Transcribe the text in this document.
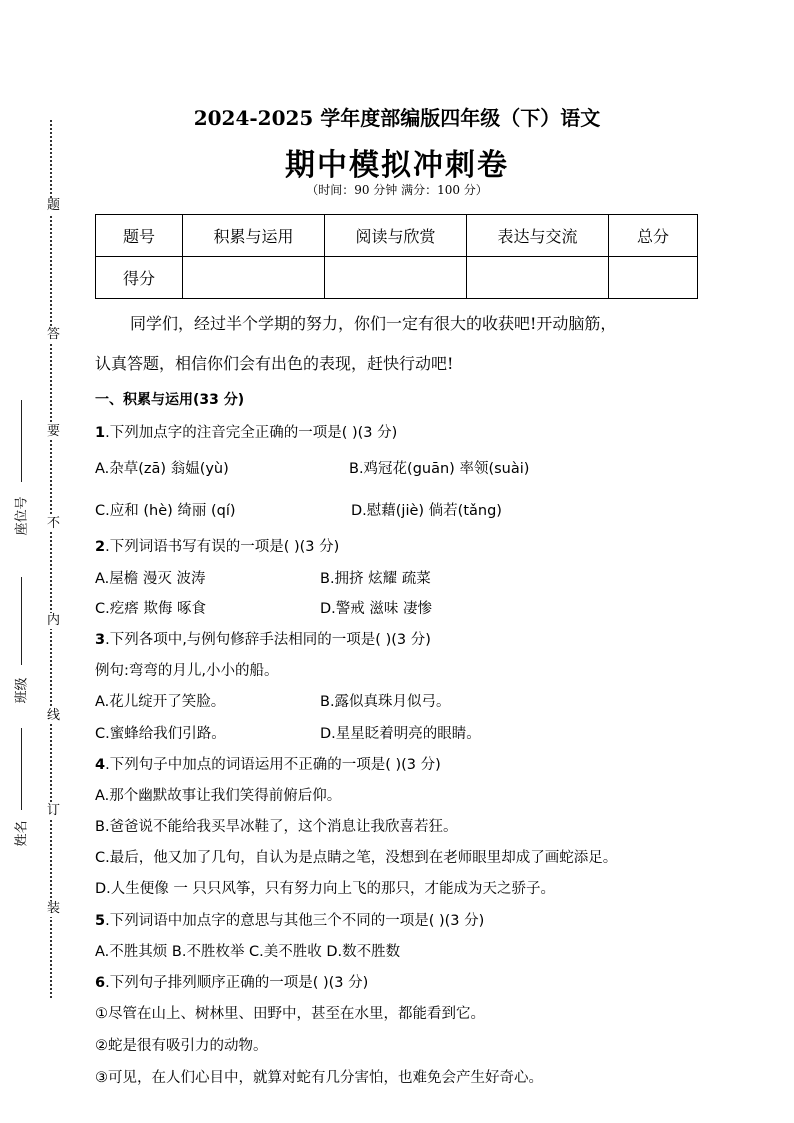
题
答
要
不
内
线
订
装
座位号
班级
姓名
2024-2025 学年度部编版四年级（下）语文
期中模拟冲刺卷
（时间：90 分钟 满分：100 分）
题号	积累与运用	阅读与欣赏	表达与交流	总分
得分				
同学们，经过半个学期的努力，你们一定有很大的收获吧!开动脑筋，
认真答题，相信你们会有出色的表现，赶快行动吧!
一、积累与运用(33 分)
1.下列加点字的注音完全正确的一项是( )(3 分)
A.杂草(zā) 翁媪(yù)	B.鸡冠花(guān) 率领(suài)
C.应和 (hè) 绮丽 (qí)	D.慰藉(jiè) 倘若(tǎng)
2.下列词语书写有误的一项是( )(3 分)
A.屋檐 漫灭 波涛	B.拥挤 炫耀 疏菜
C.疙瘩 欺侮 啄食	D.警戒 滋味 凄惨
3.下列各项中,与例句修辞手法相同的一项是( )(3 分)
例句:弯弯的月儿,小小的船。
A.花儿绽开了笑脸。	B.露似真珠月似弓。
C.蜜蜂给我们引路。	D.星星眨着明亮的眼睛。
4.下列句子中加点的词语运用不正确的一项是( )(3 分)
A.那个幽默故事让我们笑得前俯后仰。
B.爸爸说不能给我买旱冰鞋了，这个消息让我欣喜若狂。
C.最后，他又加了几句，自认为是点睛之笔，没想到在老师眼里却成了画蛇添足。
D.人生便像 一 只只风筝，只有努力向上飞的那只，才能成为天之骄子。
5.下列词语中加点字的意思与其他三个不同的一项是( )(3 分)
A.不胜其烦 B.不胜枚举 C.美不胜收 D.数不胜数
6.下列句子排列顺序正确的一项是( )(3 分)
①尽管在山上、树林里、田野中，甚至在水里，都能看到它。
②蛇是很有吸引力的动物。
③可见，在人们心目中，就算对蛇有几分害怕，也难免会产生好奇心。
